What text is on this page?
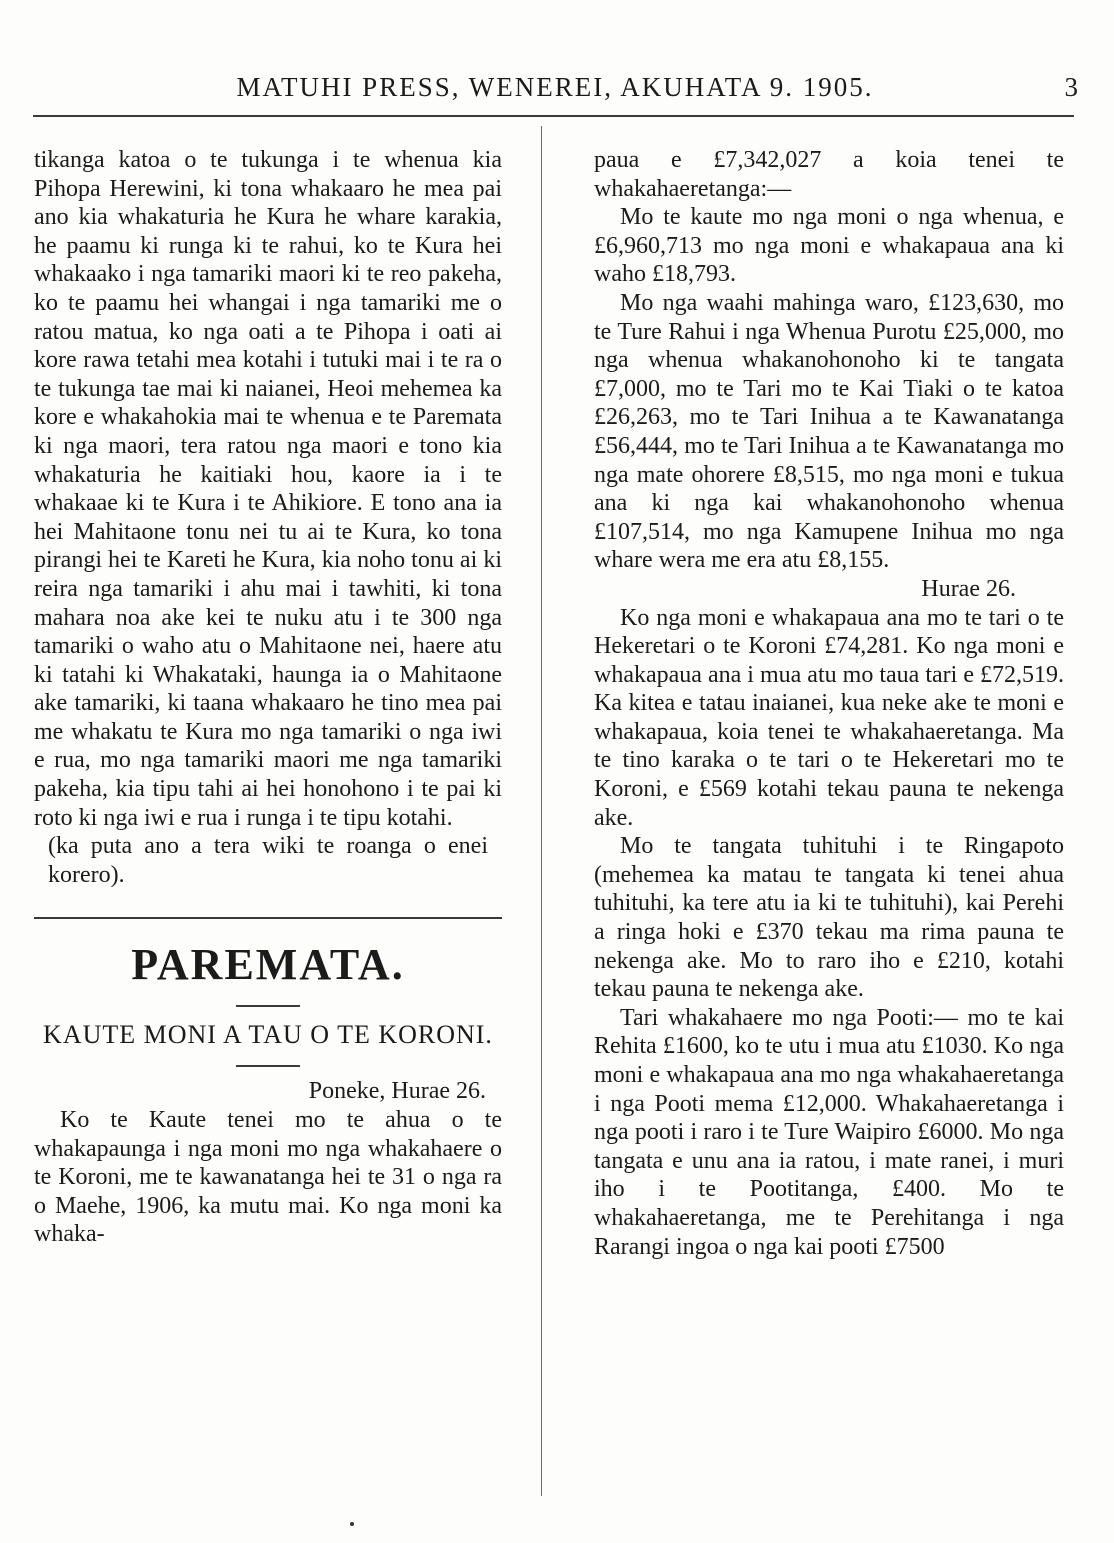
MATUHI PRESS, WENEREI, AKUHATA 9. 1905.	3

tikanga katoa o te tukunga i te whenua kia Pihopa Herewini, ki tona whakaaro he mea pai ano kia whakaturia he Kura he whare karakia, he paamu ki runga ki te rahui, ko te Kura hei whakaako i nga tamariki maori ki te reo pakeha, ko te paamu hei whangai i nga tamariki me o ratou matua, ko nga oati a te Pihopa i oati ai kore rawa tetahi mea kotahi i tutuki mai i te ra o te tukunga tae mai ki naianei, Heoi mehemea ka kore e whakahokia mai te whenua e te Paremata ki nga maori, tera ratou nga maori e tono kia whakaturia he kaitiaki hou, kaore ia i te whakaae ki te Kura i te Ahikiore. E tono ana ia hei Mahitaone tonu nei tu ai te Kura, ko tona pirangi hei te Kareti he Kura, kia noho tonu ai ki reira nga tamariki i ahu mai i tawhiti, ki tona mahara noa ake kei te nuku atu i te 300 nga tamariki o waho atu o Mahitaone nei, haere atu ki tatahi ki Whakataki, haunga ia o Mahitaone ake tamariki, ki taana whakaaro he tino mea pai me whakatu te Kura mo nga tamariki o nga iwi e rua, mo nga tamariki maori me nga tamariki pakeha, kia tipu tahi ai hei honohono i te pai ki roto ki nga iwi e rua i runga i te tipu kotahi.

(ka puta ano a tera wiki te roanga o enei korero).

PAREMATA.
KAUTE MONI A TAU O TE KORONI.
Poneke, Hurae 26.

Ko te Kaute tenei mo te ahua o te whakapaunga i nga moni mo nga whakahaere o te Koroni, me te kawanatanga hei te 31 o nga ra o Maehe, 1906, ka mutu mai. Ko nga moni ka whaka-

paua e £7,342,027 a koia tenei te whakahaeretanga:—

Mo te kaute mo nga moni o nga whenua, e £6,960,713 mo nga moni e whakapaua ana ki waho £18,793.

Mo nga waahi mahinga waro, £123,630, mo te Ture Rahui i nga Whenua Purotu £25,000, mo nga whenua whakanohonoho ki te tangata £7,000, mo te Tari mo te Kai Tiaki o te katoa £26,263, mo te Tari Inihua a te Kawanatanga £56,444, mo te Tari Inihua a te Kawanatanga mo nga mate ohorere £8,515, mo nga moni e tukua ana ki nga kai whakanohonoho whenua £107,514, mo nga Kamupene Inihua mo nga whare wera me era atu £8,155.

Hurae 26.

Ko nga moni e whakapaua ana mo te tari o te Hekeretari o te Koroni £74,281. Ko nga moni e whakapaua ana i mua atu mo taua tari e £72,519. Ka kitea e tatau inaianei, kua neke ake te moni e whakapaua, koia tenei te whakahaeretanga. Ma te tino karaka o te tari o te Hekeretari mo te Koroni, e £569 kotahi tekau pauna te nekenga ake.

Mo te tangata tuhituhi i te Ringapoto (mehemea ka matau te tangata ki tenei ahua tuhituhi, ka tere atu ia ki te tuhituhi), kai Perehi a ringa hoki e £370 tekau ma rima pauna te nekenga ake. Mo to raro iho e £210, kotahi tekau pauna te nekenga ake.

Tari whakahaere mo nga Pooti:— mo te kai Rehita £1600, ko te utu i mua atu £1030. Ko nga moni e whakapaua ana mo nga whakahaeretanga i nga Pooti mema £12,000. Whakahaeretanga i nga pooti i raro i te Ture Waipiro £6000. Mo nga tangata e unu ana ia ratou, i mate ranei, i muri iho i te Pootitanga, £400. Mo te whakahaeretanga, me te Perehitanga i nga Rarangi ingoa o nga kai pooti £7500
